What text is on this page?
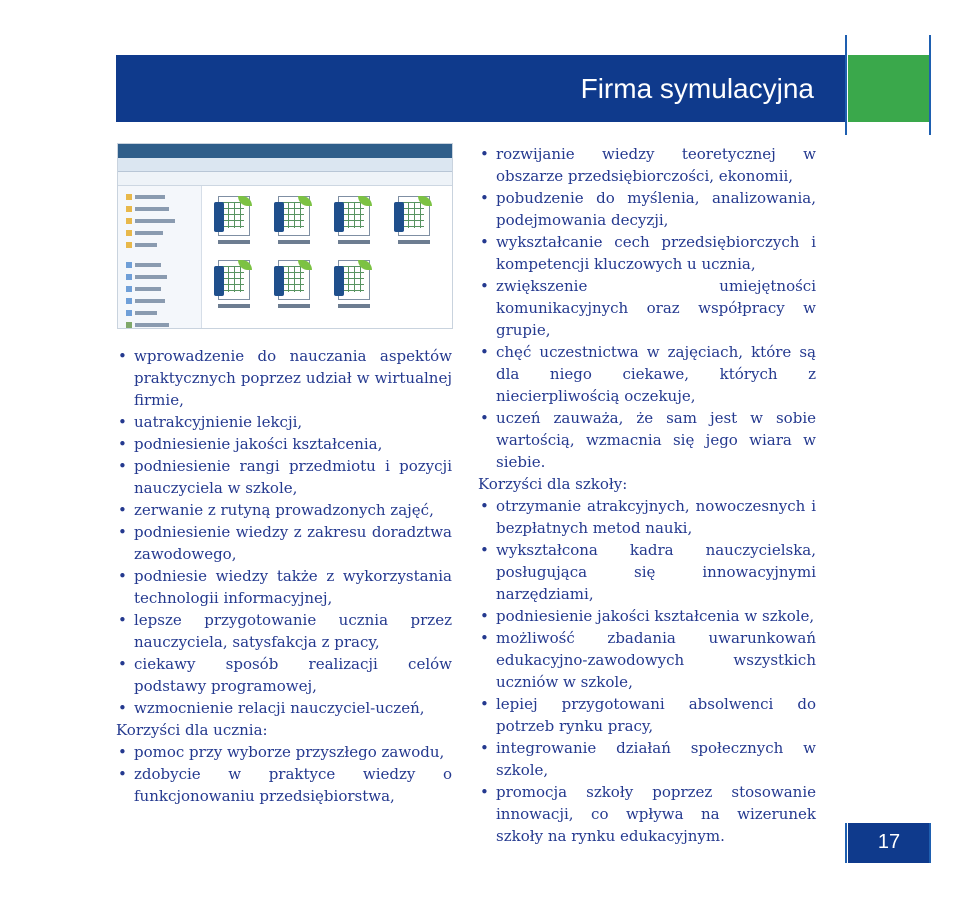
Firma symulacyjna
• wprowadzenie do nauczania aspektów praktycznych poprzez udział w wirtualnej firmie,
• uatrakcyjnienie lekcji,
• podniesienie jakości kształcenia,
• podniesienie rangi przedmiotu i pozycji nauczyciela w szkole,
• zerwanie z rutyną prowadzonych zajęć,
• podniesienie wiedzy z zakresu doradztwa zawodowego,
• podniesie wiedzy także z wykorzystania technologii informacyjnej,
• lepsze przygotowanie ucznia przez nauczyciela, satysfakcja z pracy,
• ciekawy sposób realizacji celów podstawy programowej,
• wzmocnienie relacji nauczyciel-uczeń,
Korzyści dla ucznia:
• pomoc przy wyborze przyszłego zawodu,
• zdobycie w praktyce wiedzy o funkcjonowaniu przedsiębiorstwa,
• rozwijanie wiedzy teoretycznej w obszarze przedsiębiorczości, ekonomii,
• pobudzenie do myślenia, analizowania, podejmowania decyzji,
• wykształcanie cech przedsiębiorczych i kompetencji kluczowych u ucznia,
• zwiększenie umiejętności komunikacyjnych oraz współpracy w grupie,
• chęć uczestnictwa w zajęciach, które są dla niego ciekawe, których z niecierpliwością oczekuje,
• uczeń zauważa, że sam jest w sobie wartością, wzmacnia się jego wiara w siebie.
Korzyści dla szkoły:
• otrzymanie atrakcyjnych, nowoczesnych i bezpłatnych metod nauki,
• wykształcona kadra nauczycielska, posługująca się innowacyjnymi narzędziami,
• podniesienie jakości kształcenia w szkole,
• możliwość zbadania uwarunkowań edukacyjno-zawodowych wszystkich uczniów w szkole,
• lepiej przygotowani absolwenci do potrzeb rynku pracy,
• integrowanie działań społecznych w szkole,
• promocja szkoły poprzez stosowanie innowacji, co wpływa na wizerunek szkoły na rynku edukacyjnym.	17
